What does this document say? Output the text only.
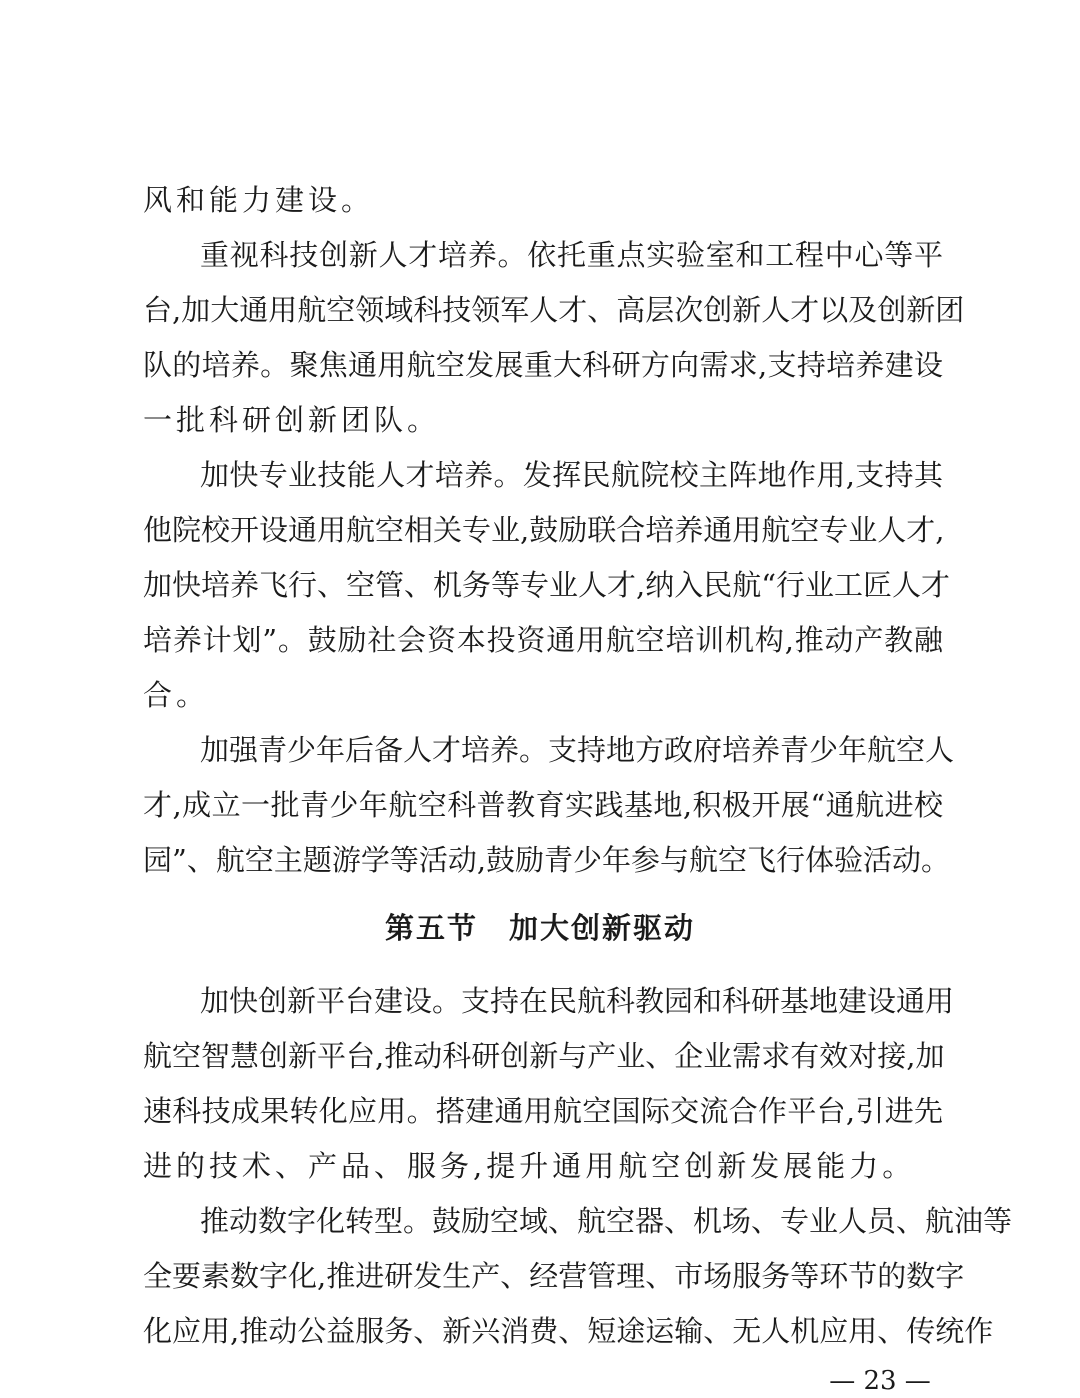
风和能力建设。
重视科技创新人才培养。依托重点实验室和工程中心等平
台,加大通用航空领域科技领军人才、高层次创新人才以及创新团
队的培养。聚焦通用航空发展重大科研方向需求,支持培养建设
一批科研创新团队。
加快专业技能人才培养。发挥民航院校主阵地作用,支持其
他院校开设通用航空相关专业,鼓励联合培养通用航空专业人才,
加快培养飞行、空管、机务等专业人才,纳入民航“行业工匠人才
培养计划”。鼓励社会资本投资通用航空培训机构,推动产教融
合。
加强青少年后备人才培养。支持地方政府培养青少年航空人
才,成立一批青少年航空科普教育实践基地,积极开展“通航进校
园”、航空主题游学等活动,鼓励青少年参与航空飞行体验活动。
第五节　加大创新驱动
加快创新平台建设。支持在民航科教园和科研基地建设通用
航空智慧创新平台,推动科研创新与产业、企业需求有效对接,加
速科技成果转化应用。搭建通用航空国际交流合作平台,引进先
进的技术、产品、服务,提升通用航空创新发展能力。
推动数字化转型。鼓励空域、航空器、机场、专业人员、航油等
全要素数字化,推进研发生产、经营管理、市场服务等环节的数字
化应用,推动公益服务、新兴消费、短途运输、无人机应用、传统作
— 23 —
